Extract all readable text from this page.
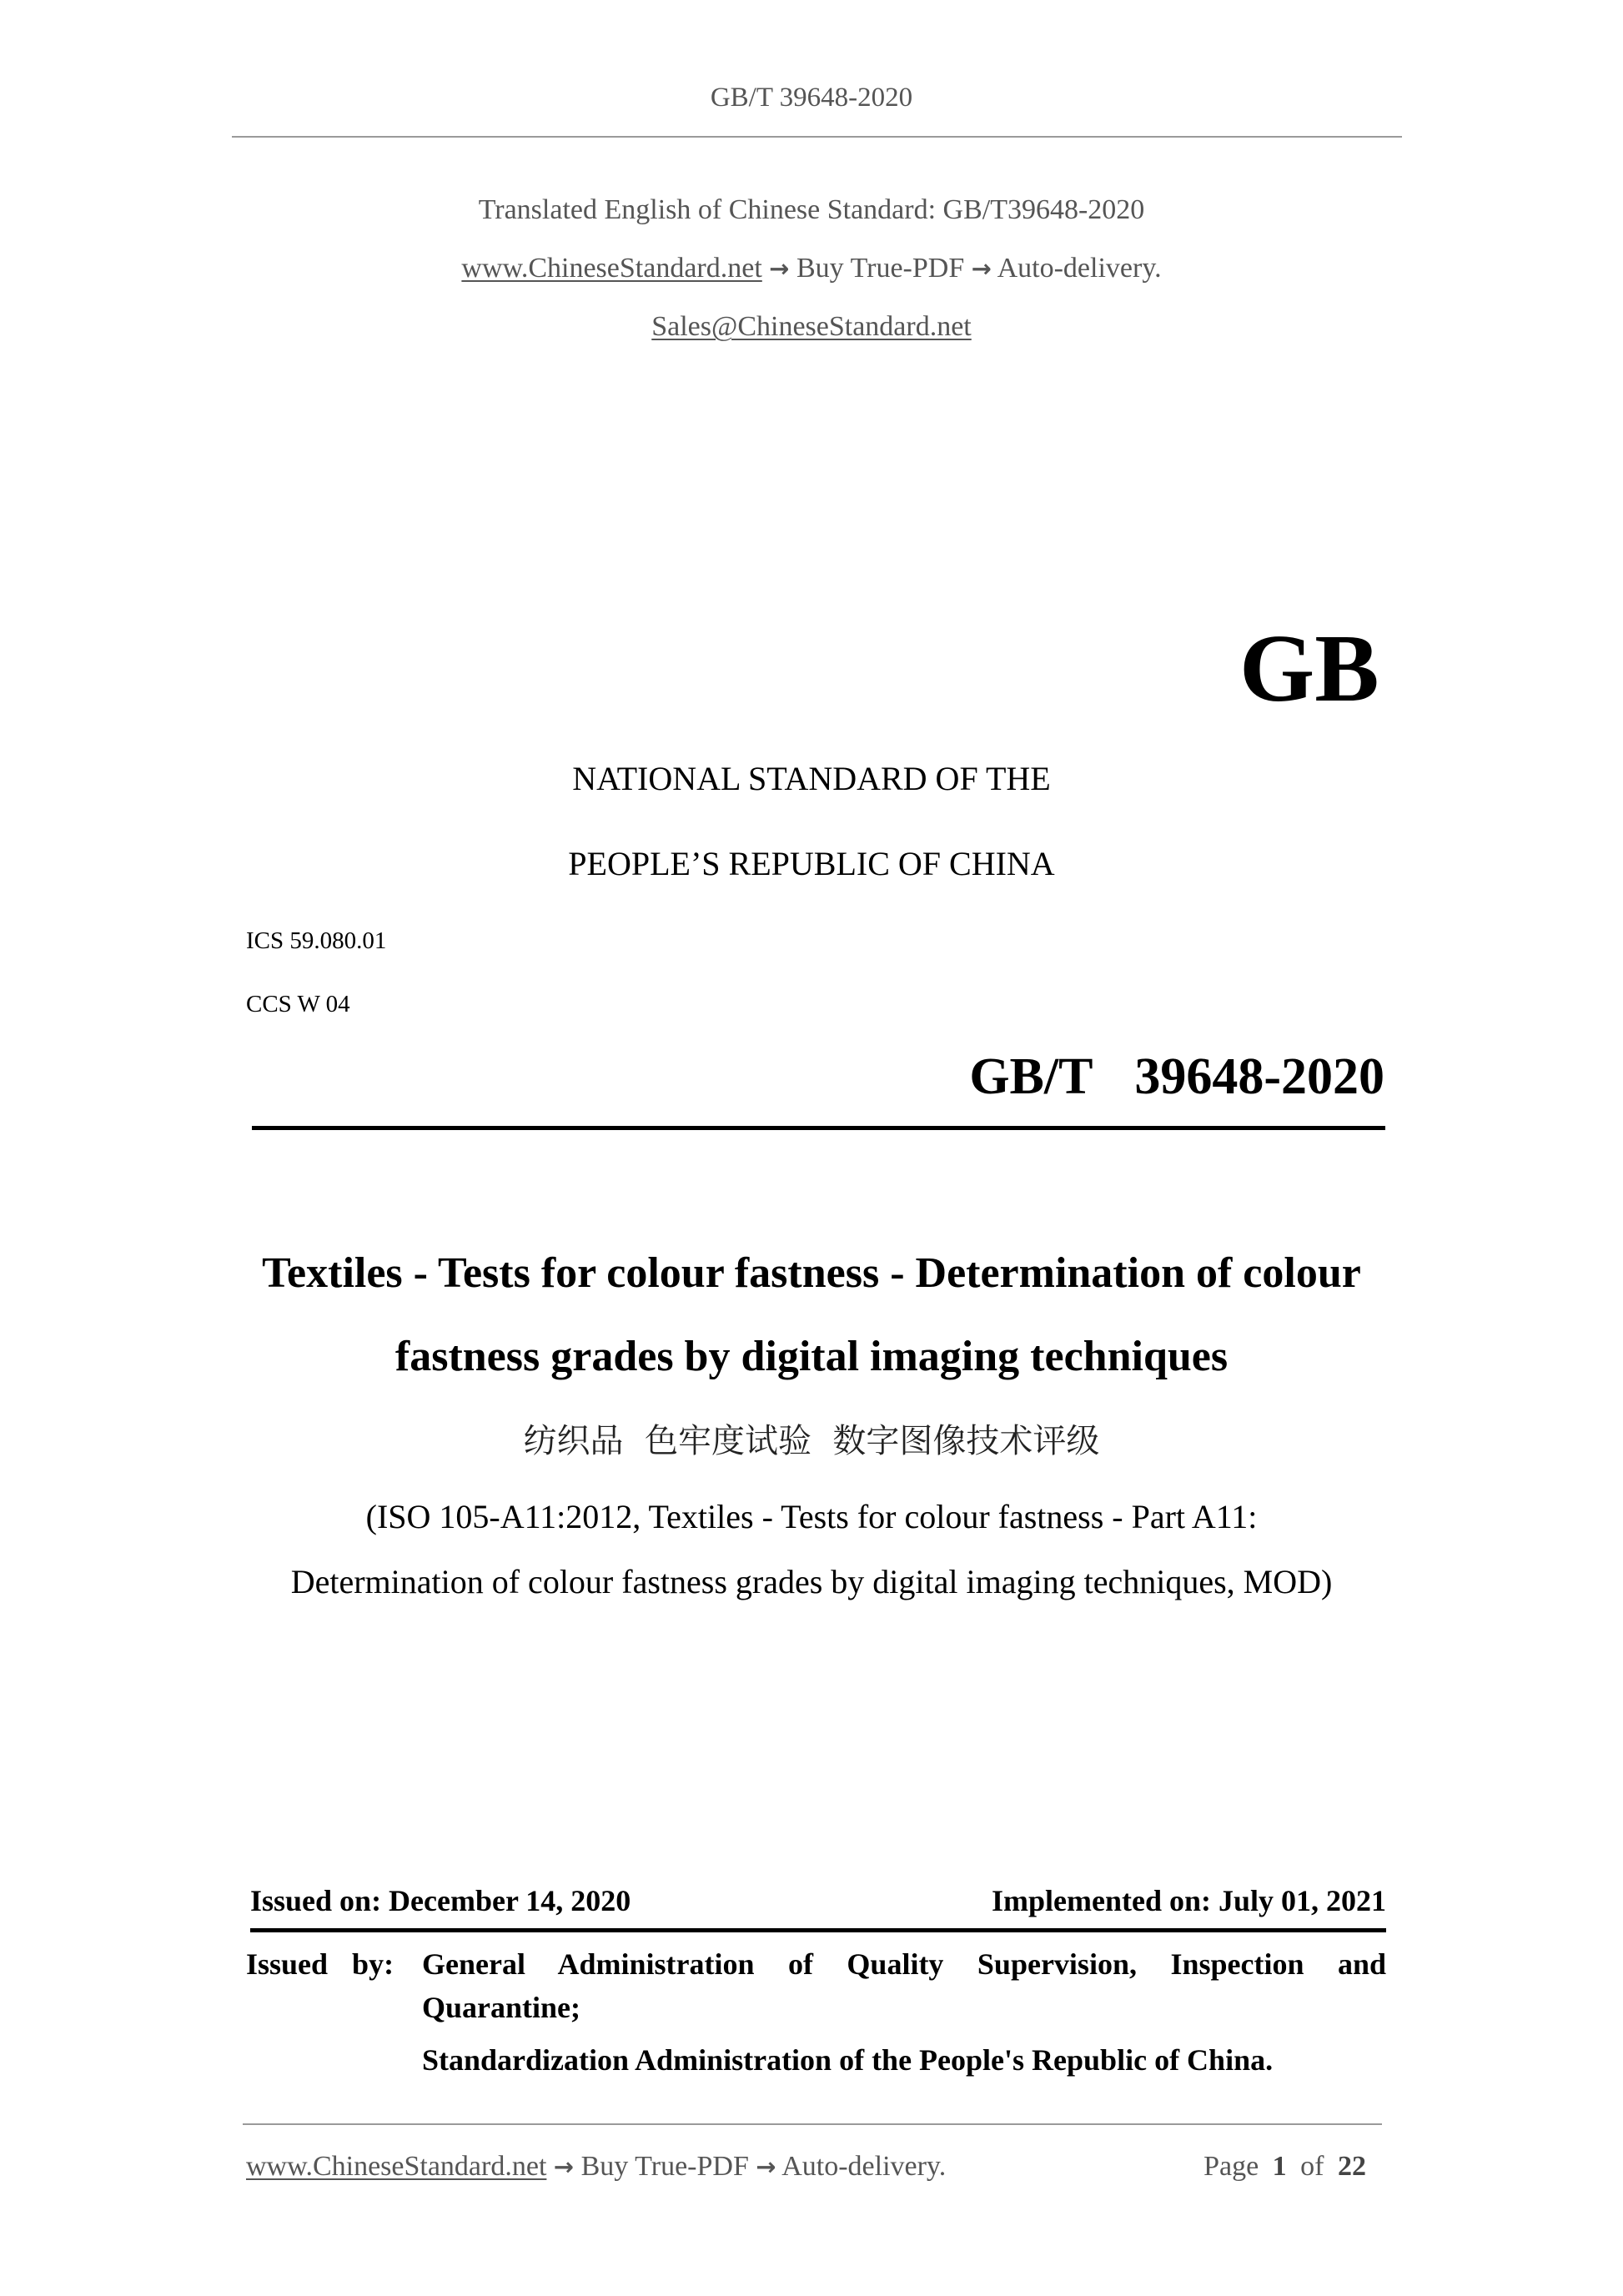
GB/T 39648-2020
Translated English of Chinese Standard: GB/T39648-2020
www.ChineseStandard.net → Buy True-PDF → Auto-delivery.
Sales@ChineseStandard.net
GB
NATIONAL STANDARD OF THE
PEOPLE’S REPUBLIC OF CHINA
ICS 59.080.01
CCS W 04
GB/T  39648-2020
Textiles - Tests for colour fastness - Determination of colour
fastness grades by digital imaging techniques
纺织品  色牢度试验  数字图像技术评级
(ISO 105-A11:2012, Textiles - Tests for colour fastness - Part A11:
Determination of colour fastness grades by digital imaging techniques, MOD)
Issued on: December 14, 2020	Implemented on: July 01, 2021
Issued by: General Administration of Quality Supervision, Inspection and
Quarantine;
Standardization Administration of the People's Republic of China.
www.ChineseStandard.net → Buy True-PDF → Auto-delivery.	Page 1 of 22
